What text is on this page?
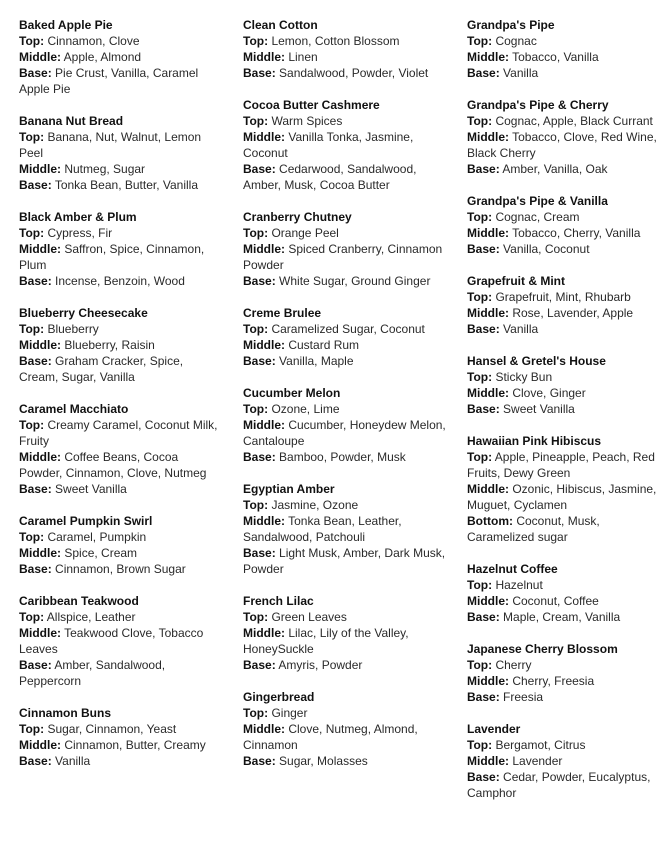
Baked Apple Pie
Top: Cinnamon, Clove
Middle: Apple, Almond
Base: Pie Crust, Vanilla, Caramel Apple Pie
Banana Nut Bread
Top: Banana, Nut, Walnut, Lemon Peel
Middle: Nutmeg, Sugar
Base: Tonka Bean, Butter, Vanilla
Black Amber & Plum
Top: Cypress, Fir
Middle: Saffron, Spice, Cinnamon, Plum
Base: Incense, Benzoin, Wood
Blueberry Cheesecake
Top: Blueberry
Middle: Blueberry, Raisin
Base: Graham Cracker, Spice, Cream, Sugar, Vanilla
Caramel Macchiato
Top: Creamy Caramel, Coconut Milk, Fruity
Middle: Coffee Beans, Cocoa Powder, Cinnamon, Clove, Nutmeg
Base: Sweet Vanilla
Caramel Pumpkin Swirl
Top: Caramel, Pumpkin
Middle: Spice, Cream
Base: Cinnamon, Brown Sugar
Caribbean Teakwood
Top: Allspice, Leather
Middle: Teakwood Clove, Tobacco Leaves
Base: Amber, Sandalwood, Peppercorn
Cinnamon Buns
Top: Sugar, Cinnamon, Yeast
Middle: Cinnamon, Butter, Creamy
Base: Vanilla
Clean Cotton
Top: Lemon, Cotton Blossom
Middle: Linen
Base: Sandalwood, Powder, Violet
Cocoa Butter Cashmere
Top: Warm Spices
Middle: Vanilla Tonka, Jasmine, Coconut
Base: Cedarwood, Sandalwood, Amber, Musk, Cocoa Butter
Cranberry Chutney
Top: Orange Peel
Middle: Spiced Cranberry, Cinnamon Powder
Base: White Sugar, Ground Ginger
Creme Brulee
Top: Caramelized Sugar, Coconut
Middle: Custard Rum
Base: Vanilla, Maple
Cucumber Melon
Top: Ozone, Lime
Middle: Cucumber, Honeydew Melon, Cantaloupe
Base: Bamboo, Powder, Musk
Egyptian Amber
Top: Jasmine, Ozone
Middle: Tonka Bean, Leather, Sandalwood, Patchouli
Base: Light Musk, Amber, Dark Musk, Powder
French Lilac
Top: Green Leaves
Middle: Lilac, Lily of the Valley, HoneySuckle
Base: Amyris, Powder
Gingerbread
Top: Ginger
Middle: Clove, Nutmeg, Almond, Cinnamon
Base: Sugar, Molasses
Grandpa's Pipe
Top: Cognac
Middle: Tobacco, Vanilla
Base: Vanilla
Grandpa's Pipe & Cherry
Top: Cognac, Apple, Black Currant
Middle: Tobacco, Clove, Red Wine, Black Cherry
Base: Amber, Vanilla, Oak
Grandpa's Pipe & Vanilla
Top: Cognac, Cream
Middle: Tobacco, Cherry, Vanilla
Base: Vanilla, Coconut
Grapefruit & Mint
Top: Grapefruit, Mint, Rhubarb
Middle: Rose, Lavender, Apple
Base: Vanilla
Hansel & Gretel's House
Top: Sticky Bun
Middle: Clove, Ginger
Base: Sweet Vanilla
Hawaiian Pink Hibiscus
Top: Apple, Pineapple, Peach, Red Fruits, Dewy Green
Middle: Ozonic, Hibiscus, Jasmine, Muguet, Cyclamen
Bottom: Coconut, Musk, Caramelized sugar
Hazelnut Coffee
Top: Hazelnut
Middle: Coconut, Coffee
Base: Maple, Cream, Vanilla
Japanese Cherry Blossom
Top: Cherry
Middle: Cherry, Freesia
Base: Freesia
Lavender
Top: Bergamot, Citrus
Middle: Lavender
Base: Cedar, Powder, Eucalyptus, Camphor
